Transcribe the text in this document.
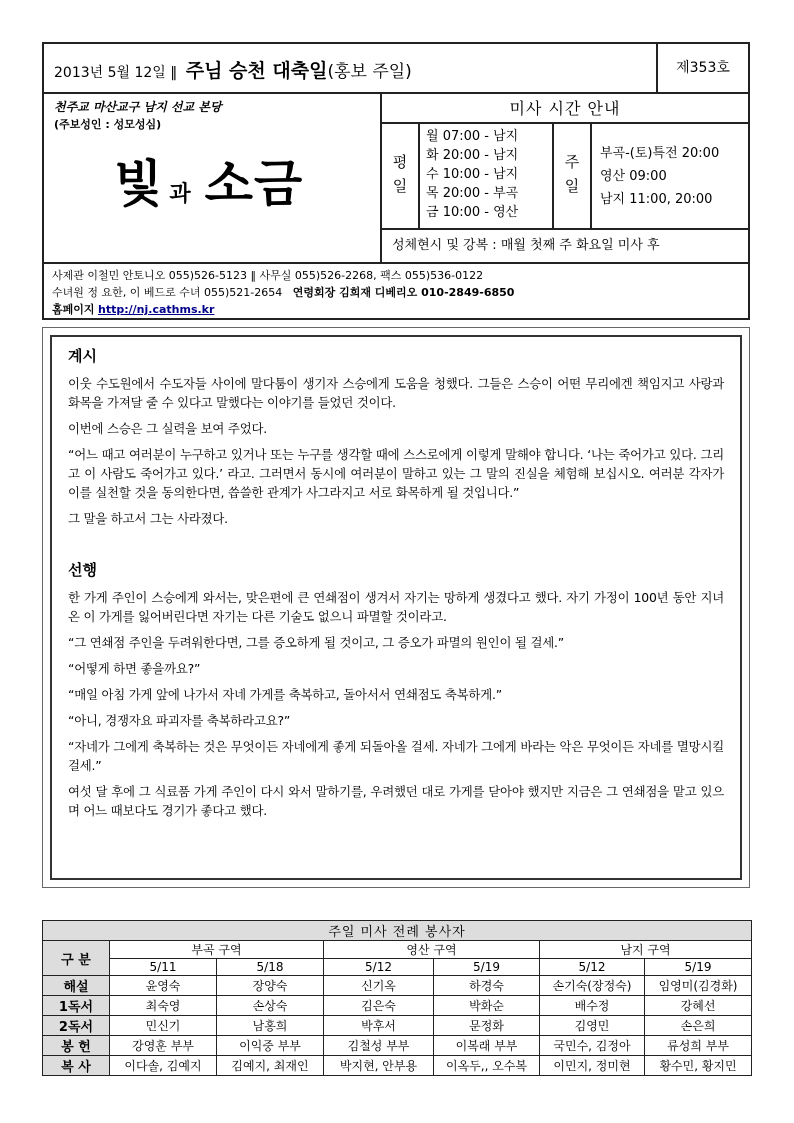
2013년 5월 12일 ‖ 주님 승천 대축일(홍보 주일)	제353호
천주교 마산교구 남지 선교 본당
(주보성인 : 성모성심)
빛과 소금
미사 시간 안내
평
일
월 07:00 - 남지
화 20:00 - 남지
수 10:00 - 남지
목 20:00 - 부곡
금 10:00 - 영산
주
일
부곡-(토)특전 20:00
영산 09:00
남지 11:00, 20:00
성체현시 및 강복 : 매월 첫째 주 화요일 미사 후
사제관 이철민 안토니오 055)526-5123 ‖ 사무실 055)526-2268, 팩스 055)536-0122
수녀원 정 요한, 이 베드로 수녀 055)521-2654 연령회장 김희재 디베리오 010-2849-6850
홈페이지 http://nj.cathms.kr
계시

이웃 수도원에서 수도자들 사이에 말다툼이 생기자 스승에게 도움을 청했다. 그들은 스승이 어떤 무리에겐 책임지고 사랑과 화목을 가져달 줄 수 있다고 말했다는 이야기를 들었던 것이다.

이번에 스승은 그 실력을 보여 주었다.

“어느 때고 여러분이 누구하고 있거나 또는 누구를 생각할 때에 스스로에게 이렇게 말해야 합니다. ‘나는 죽어가고 있다. 그리고 이 사람도 죽어가고 있다.’ 라고. 그러면서 동시에 여러분이 말하고 있는 그 말의 진실을 체험해 보십시오. 여러분 각자가 이를 실천할 것을 동의한다면, 씁쓸한 관계가 사그라지고 서로 화목하게 될 것입니다.”

그 말을 하고서 그는 사라졌다.

선행

한 가게 주인이 스승에게 와서는, 맞은편에 큰 연쇄점이 생겨서 자기는 망하게 생겼다고 했다. 자기 가정이 100년 동안 지녀 온 이 가게를 잃어버린다면 자기는 다른 기술도 없으니 파멸할 것이라고.

“그 연쇄점 주인을 두려워한다면, 그를 증오하게 될 것이고, 그 증오가 파멸의 원인이 될 걸세.”

“어떻게 하면 좋을까요?”

“매일 아침 가게 앞에 나가서 자네 가게를 축복하고, 돌아서서 연쇄점도 축복하게.”

“아니, 경쟁자요 파괴자를 축복하라고요?”

“자네가 그에게 축복하는 것은 무엇이든 자네에게 좋게 되돌아올 걸세. 자네가 그에게 바라는 악은 무엇이든 자네를 멸망시킬 걸세.”

여섯 달 후에 그 식료품 가게 주인이 다시 와서 말하기를, 우려했던 대로 가게를 닫아야 했지만 지금은 그 연쇄점을 맡고 있으며 어느 때보다도 경기가 좋다고 했다.

주일 미사 전례 봉사자						
구 분	부곡 구역		영산 구역		남지 구역	
	5/11	5/18	5/12	5/19	5/12	5/19
해설	윤영숙	장양숙	신기옥	하경숙	손기숙(장정숙)	임영미(김경화)
1독서	최숙영	손상숙	김은숙	박화순	배수정	강혜선
2독서	민신기	남홍희	박후서	문정화	김영민	손은희
봉 헌	강영훈 부부	이익중 부부	김철성 부부	이복래 부부	국민수, 김정아	류성희 부부
복 사	이다솔, 김예지	김예지, 최재인	박지현, 안부용	이옥두,, 오수복	이민지, 정미현	황수민, 황지민
